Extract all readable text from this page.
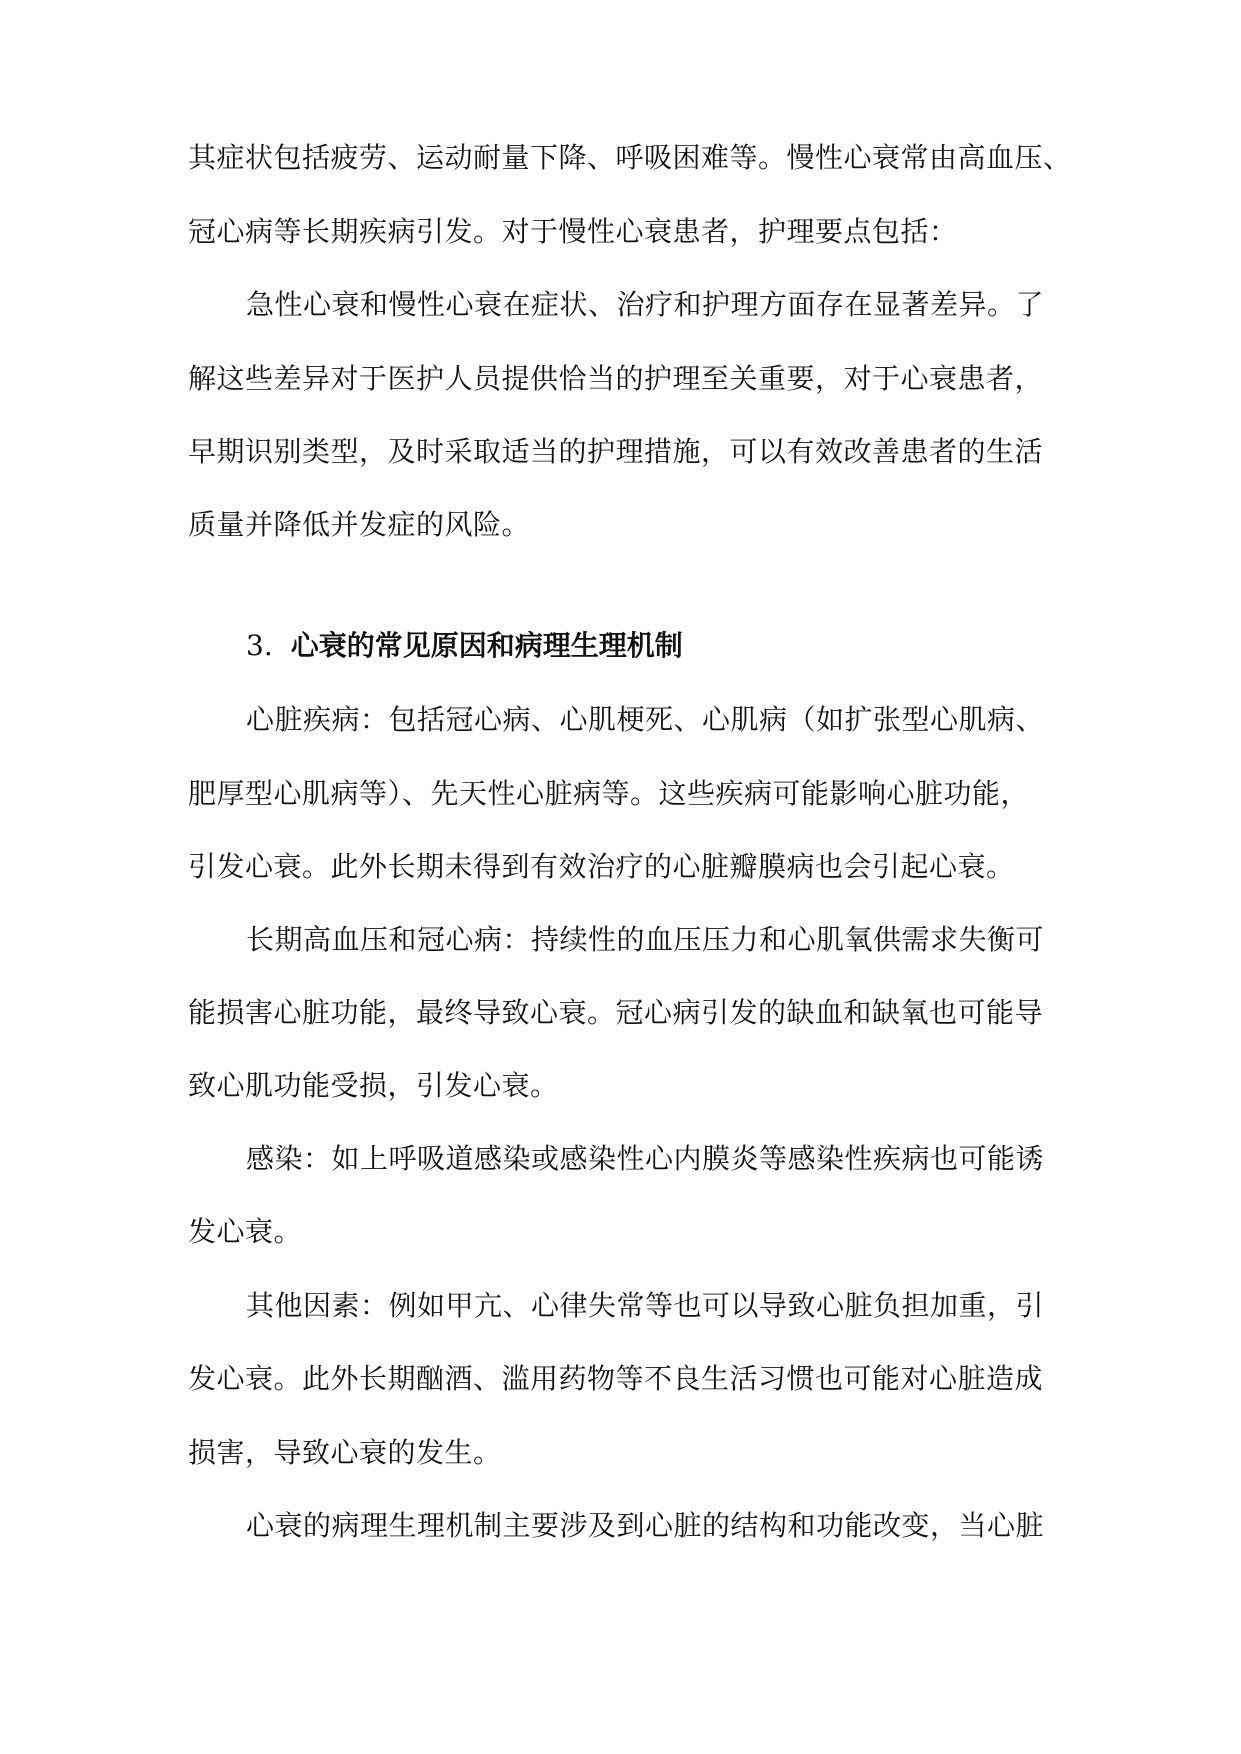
其症状包括疲劳、运动耐量下降、呼吸困难等。慢性心衰常由高血压、
冠心病等长期疾病引发。对于慢性心衰患者，护理要点包括：
急性心衰和慢性心衰在症状、治疗和护理方面存在显著差异。了
解这些差异对于医护人员提供恰当的护理至关重要，对于心衰患者，
早期识别类型，及时采取适当的护理措施，可以有效改善患者的生活
质量并降低并发症的风险。
3. 心衰的常见原因和病理生理机制
心脏疾病：包括冠心病、心肌梗死、心肌病（如扩张型心肌病、
肥厚型心肌病等）、先天性心脏病等。这些疾病可能影响心脏功能，
引发心衰。此外长期未得到有效治疗的心脏瓣膜病也会引起心衰。
长期高血压和冠心病：持续性的血压压力和心肌氧供需求失衡可
能损害心脏功能，最终导致心衰。冠心病引发的缺血和缺氧也可能导
致心肌功能受损，引发心衰。
感染：如上呼吸道感染或感染性心内膜炎等感染性疾病也可能诱
发心衰。
其他因素：例如甲亢、心律失常等也可以导致心脏负担加重，引
发心衰。此外长期酗酒、滥用药物等不良生活习惯也可能对心脏造成
损害，导致心衰的发生。
心衰的病理生理机制主要涉及到心脏的结构和功能改变，当心脏
